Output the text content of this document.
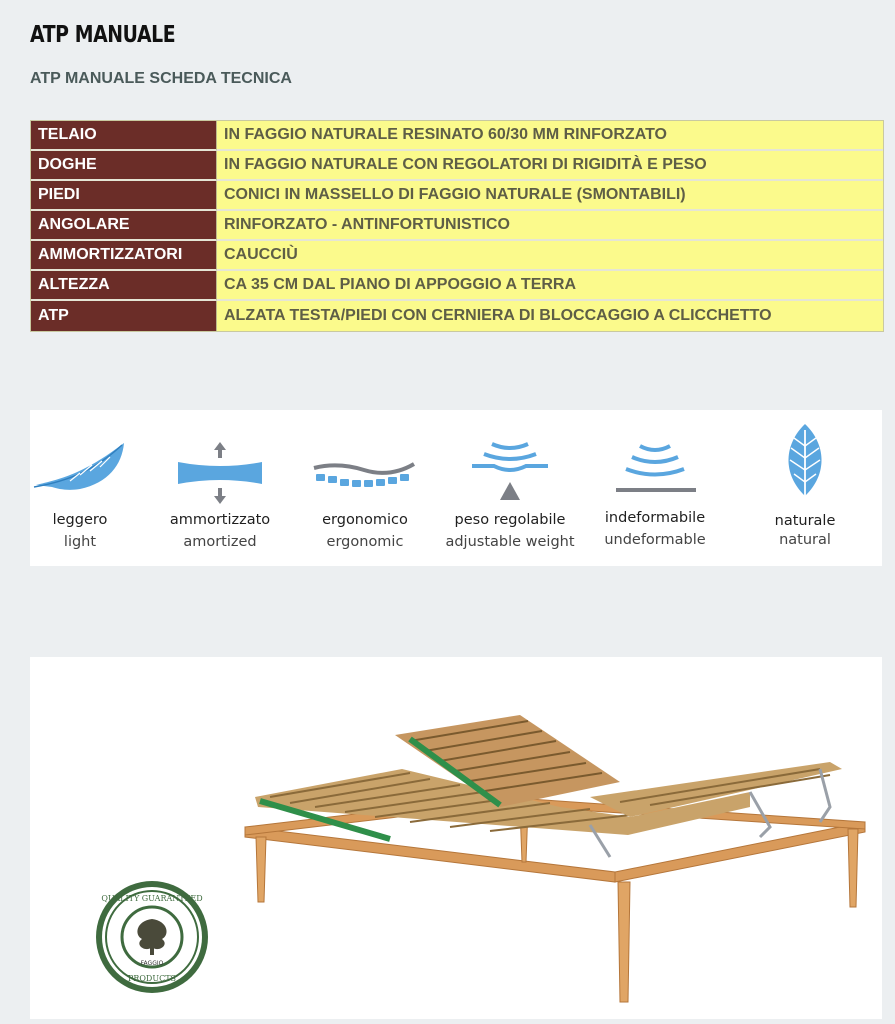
ATP MANUALE
ATP MANUALE SCHEDA TECNICA
TELAIO	IN FAGGIO NATURALE RESINATO 60/30 MM RINFORZATO
DOGHE	IN FAGGIO NATURALE CON REGOLATORI DI RIGIDITÀ E PESO
PIEDI	CONICI IN MASSELLO DI FAGGIO NATURALE (SMONTABILI)
ANGOLARE	RINFORZATO - ANTINFORTUNISTICO
AMMORTIZZATORI	CAUCCIÙ
ALTEZZA	CA 35 CM DAL PIANO DI APPOGGIO A TERRA
ATP	ALZATA TESTA/PIEDI CON CERNIERA DI BLOCCAGGIO A CLICCHETTO
leggero
light
ammortizzato
amortized
ergonomico
ergonomic
peso regolabile
adjustable weight
indeformabile
undeformable
naturale
natural
QUALITY GUARANTEED
FAGGIO
PRODUCTS
